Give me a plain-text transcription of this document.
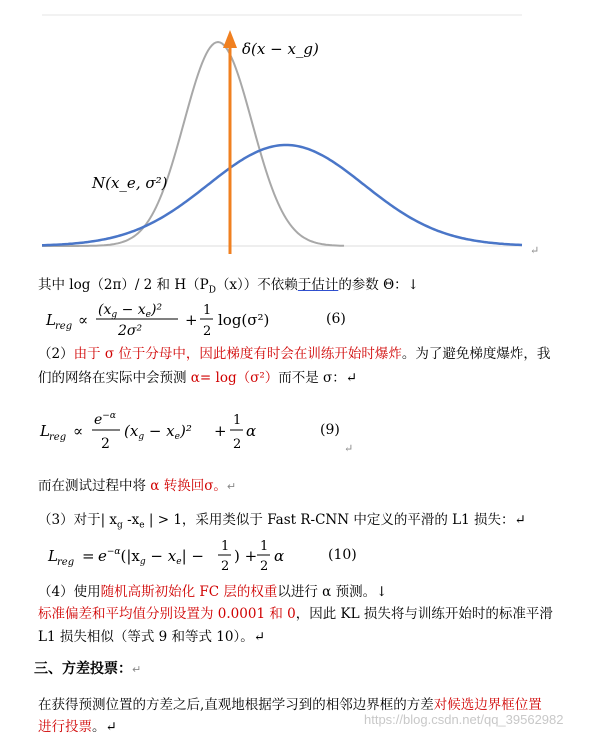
δ(x − x_g)
N(x_e, σ²)
↵
其中 log（2π）/ 2 和 $H(P_D(x))$不依赖于估计的参数 Θ：↓
L reg ∝
$(x_g - x_e)^2$
2σ²
+
1
2
log(σ²)	(6)
（2）由于 σ 位于分母中，因此梯度有时会在训练开始时爆炸。为了避免梯度爆炸，我
们的网络在实际中会预测 α= log（σ²）而不是 σ：↵
L reg ∝
$e^{-\alpha}$
2
$(x_g - x_e)^2$ +
1
2
α	(9)
↵
而在测试过程中将 α 转换回σ。↵
（3）对于| $x_g$ $-x_e$ | > 1，采用类似于 Fast R-CNN 中定义的平滑的 L1 损失：↵
L reg = $e^{-\alpha}(|x_g - x_e|$ −
1
2
) +
1
2
α	(10)
（4）使用随机高斯初始化 FC 层的权重以进行 α 预测。↓
标准偏差和平均值分别设置为 0.0001 和 0，因此 KL 损失将与训练开始时的标准平滑
L1 损失相似（等式 9 和等式 10）。↵
三、方差投票：↵
在获得预测位置的方差之后,直观地根据学习到的相邻边界框的方差对候选边界框位置
进行投票。↵	https://blog.csdn.net/qq_39562982
